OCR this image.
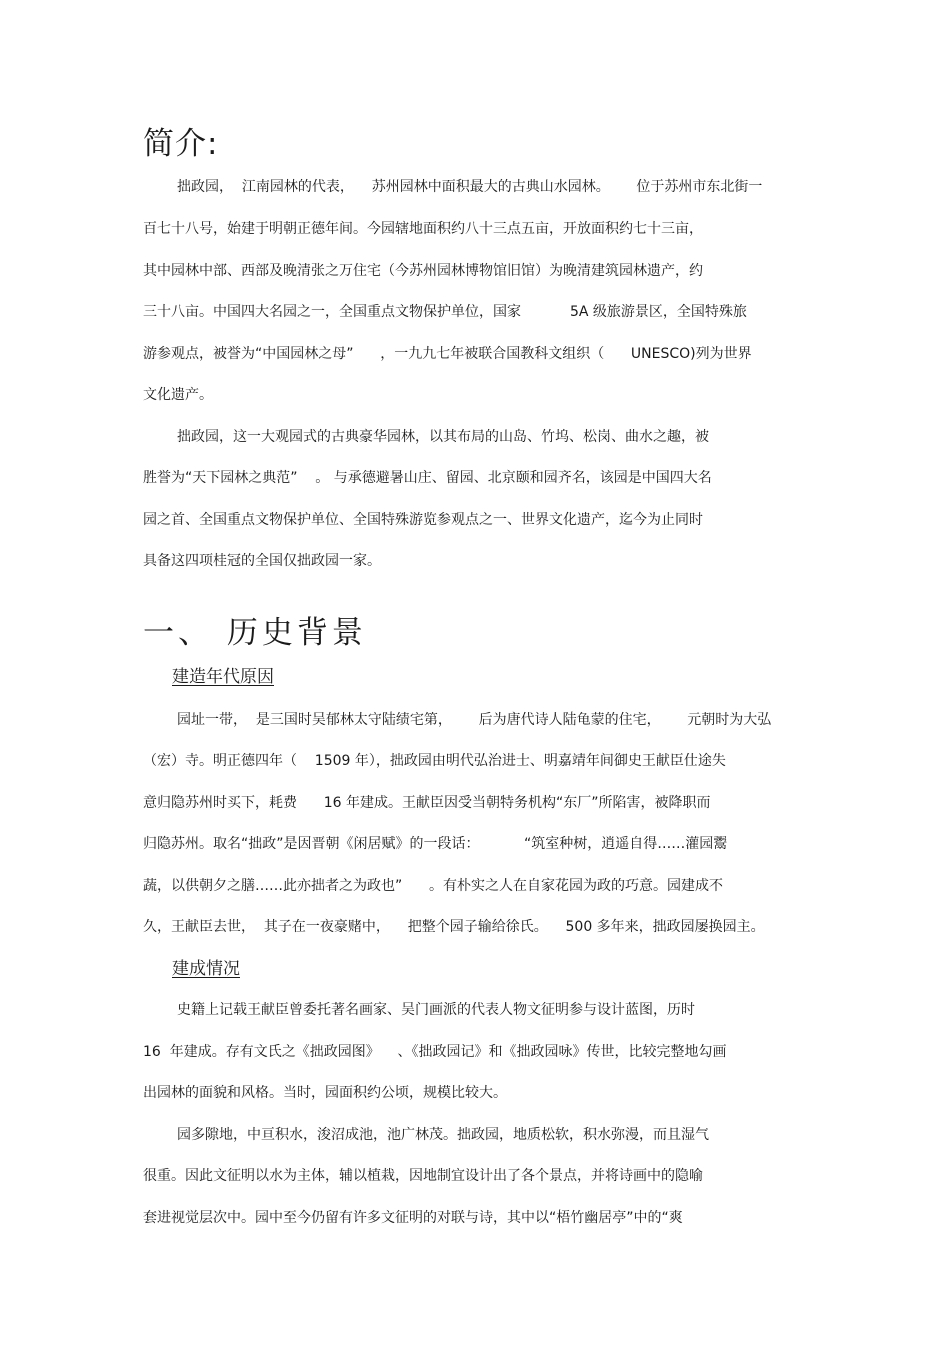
简介:
拙政园，  江南园林的代表，    苏州园林中面积最大的古典山水园林。      位于苏州市东北街一
百七十八号，始建于明朝正德年间。今园辖地面积约八十三点五亩，开放面积约七十三亩，
其中园林中部、西部及晚清张之万住宅（今苏州园林博物馆旧馆）为晚清建筑园林遗产，约
三十八亩。中国四大名园之一，全国重点文物保护单位，国家           5A 级旅游景区，全国特殊旅
游参观点，被誉为“中国园林之母”      ，一九九七年被联合国教科文组织（      UNESCO)列为世界
文化遗产。
拙政园，这一大观园式的古典豪华园林，以其布局的山岛、竹坞、松岗、曲水之趣，被
胜誉为“天下园林之典范”    。 与承德避暑山庄、留园、北京颐和园齐名，该园是中国四大名
园之首、全国重点文物保护单位、全国特殊游览参观点之一、世界文化遗产，迄今为止同时
具备这四项桂冠的全国仅拙政园一家。
一、 历史背景
建造年代原因
园址一带，  是三国时吴郁林太守陆绩宅第，      后为唐代诗人陆龟蒙的住宅，      元朝时为大弘
（宏）寺。明正德四年（    1509 年），拙政园由明代弘治进士、明嘉靖年间御史王献臣仕途失
意归隐苏州时买下，耗费      16 年建成。王献臣因受当朝特务机构“东厂”所陷害，被降职而
归隐苏州。取名“拙政”是因晋朝《闲居赋》的一段话：          “筑室种树，逍遥自得……灌园鬻
蔬，以供朝夕之膳……此亦拙者之为政也”      。有朴实之人在自家花园为政的巧意。园建成不
久，王献臣去世，  其子在一夜豪赌中，    把整个园子输给徐氏。    500 多年来，拙政园屡换园主。
建成情况
史籍上记载王献臣曾委托著名画家、吴门画派的代表人物文征明参与设计蓝图，历时
16  年建成。存有文氏之《拙政园图》    、《拙政园记》和《拙政园咏》传世，比较完整地勾画
出园林的面貌和风格。当时，园面积约公顷，规模比较大。
园多隙地，中亘积水，浚沼成池，池广林茂。拙政园，地质松软，积水弥漫，而且湿气
很重。因此文征明以水为主体，辅以植栽，因地制宜设计出了各个景点，并将诗画中的隐喻
套进视觉层次中。园中至今仍留有许多文征明的对联与诗，其中以“梧竹幽居亭”中的“爽
